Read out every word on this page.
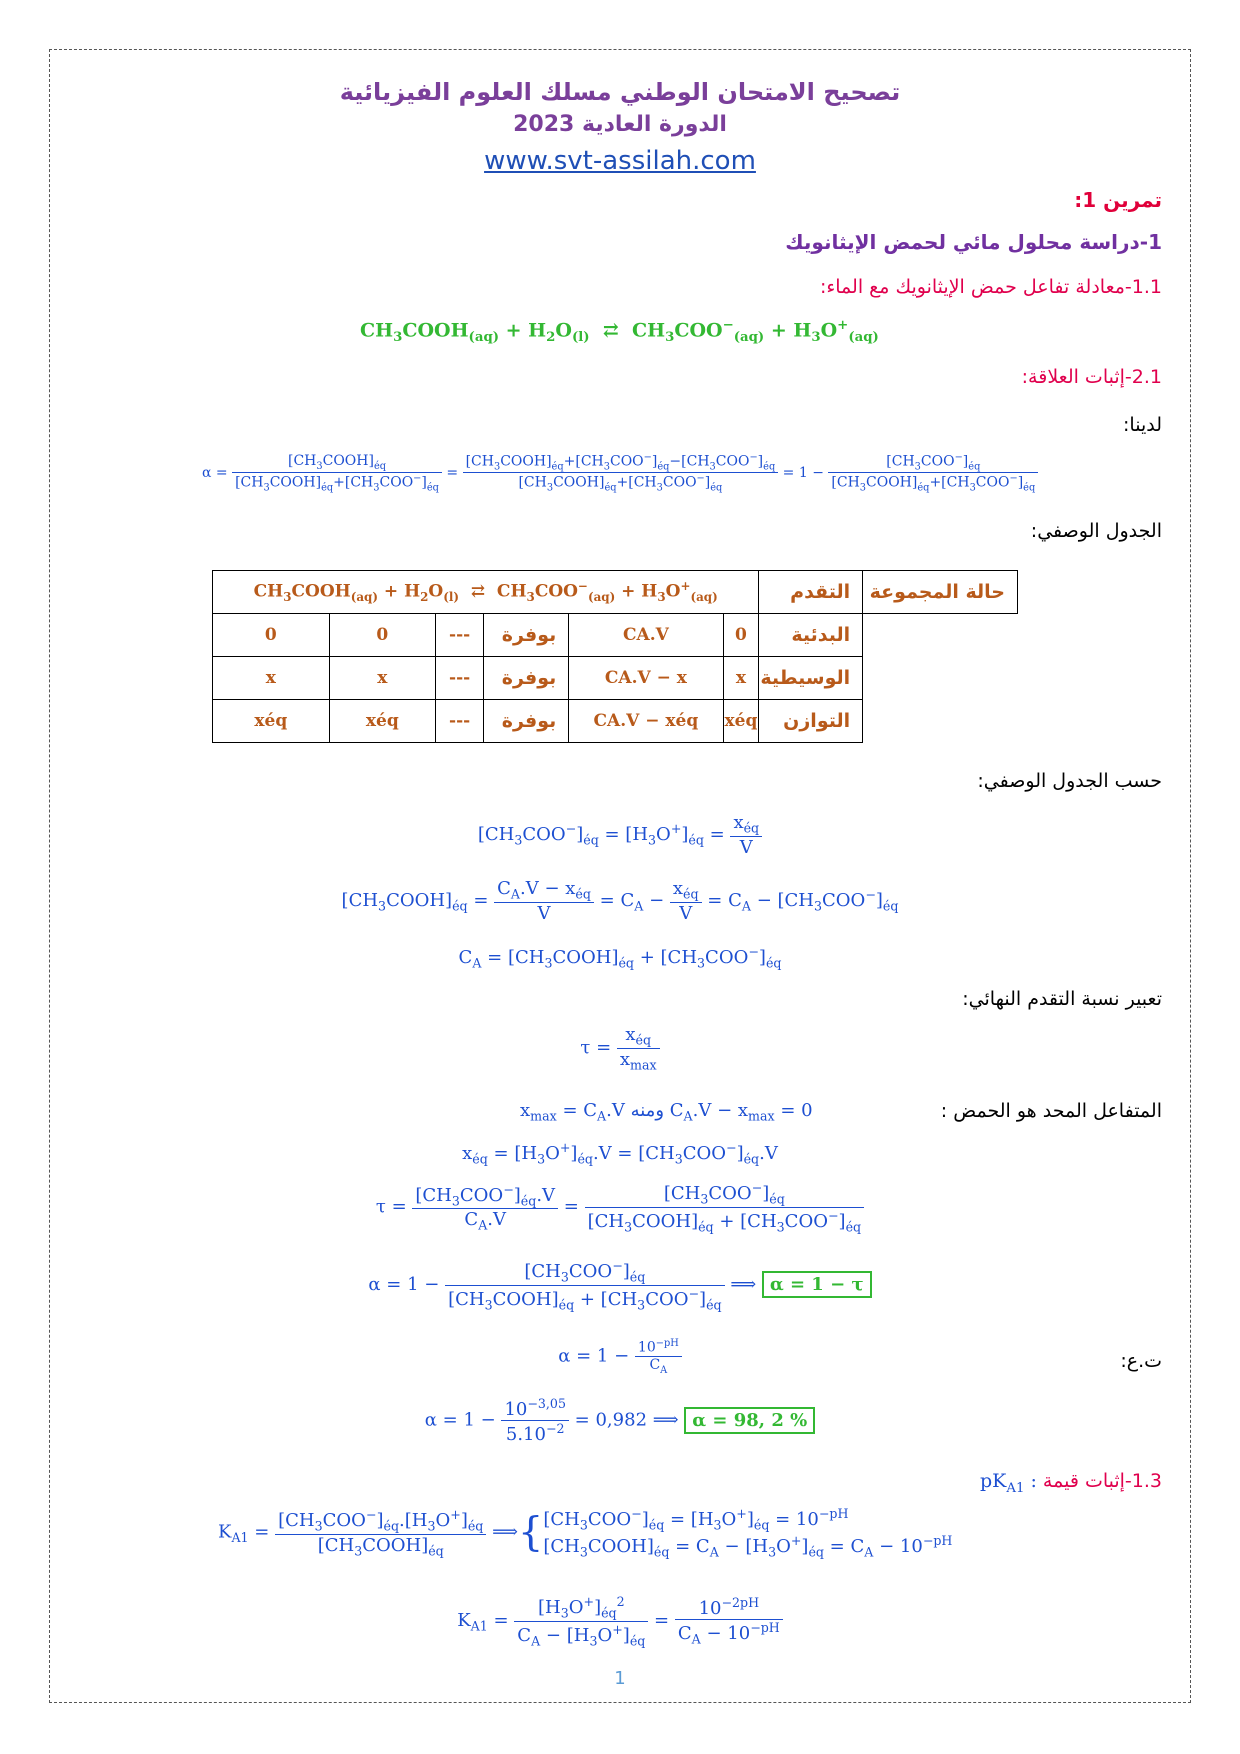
تصحيح الامتحان الوطني مسلك العلوم الفيزيائية
الدورة العادية 2023
www.svt-assilah.com
تمرين 1:
1-دراسة محلول مائي لحمض الإيثانويك
1.1-معادلة تفاعل حمض الإيثانويك مع الماء:
$CH_3COOH_{(aq)} + H_2O_{(l)}$  ⇄  $CH_3COO^-_{(aq)} + H_3O^+_{(aq)}$
2.1-إثبات العلاقة:
لدينا:
$\alpha = \frac{[CH_3COOH]_{éq}}{[CH_3COOH]_{éq}+[CH_3COO^-]_{éq}} = \frac{[CH_3COOH]_{éq}+[CH_3COO^-]_{éq}-[CH_3COO^-]_{éq}}{[CH_3COOH]_{éq}+[CH_3COO^-]_{éq}} = 1 - \frac{[CH_3COO^-]_{éq}}{[CH_3COOH]_{éq}+[CH_3COO^-]_{éq}}$
الجدول الوصفي:
$CH_3COOH_{(aq)} + H_2O_{(l)}$  ⇄  $CH_3COO^-_{(aq)} + H_3O^+_{(aq)}$						التقدم	حالة المجموعة
0	0	---	بوفرة	CA.V	0	البدئية	
x	x	---	بوفرة	CA.V − x	x	الوسيطية	
xéq	xéq	---	بوفرة	CA.V − xéq	xéq	التوازن	
حسب الجدول الوصفي:
$[CH_3COO^-]_{éq} = [H_3O^+]_{éq} = \frac{x_{éq}}{V}$
$[CH_3COOH]_{éq} = \frac{C_A.V - x_{éq}}{V} = C_A - \frac{x_{éq}}{V} = C_A - [CH_3COO^-]_{éq}$
$C_A$ = $[CH_3COOH]_{éq} + [CH_3COO^-]_{éq}$
تعبير نسبة التقدم النهائي:
$\tau = \frac{x_{éq}}{x_{max}}$
المتفاعل المحد هو الحمض :
$x_{max} = C_A.V$ ومنه $C_A.V - x_{max} = 0$
$x_{éq} = [H_3O^+]_{éq}.V = [CH_3COO^-]_{éq}.V$
$\tau = \frac{[CH_3COO^-]_{éq}.V}{C_A.V} = \frac{[CH_3COO^-]_{éq}}{[CH_3COOH]_{éq} + [CH_3COO^-]_{éq}}$
$\alpha = 1 - \frac{[CH_3COO^-]_{éq}}{[CH_3COOH]_{éq} + [CH_3COO^-]_{éq}}$ ⟹ α = 1 − τ
ت.ع:
$\alpha = 1 - \frac{10^{-pH}}{C_A}$
$\alpha = 1 - \frac{10^{-3,05}}{5.10^{-2}} = 0,982$ ⟹ α = 98, 2 %
1.3-إثبات قيمة $pK_{A1}$ :
$K_{A1} = \frac{[CH_3COO^-]_{éq}.[H_3O^+]_{éq}}{[CH_3COOH]_{éq}}$ $⟹\{[CH_3COO^-]_{éq} = [H_3O^+]_{éq} = 10^{-pH}$
$[CH_3COOH]_{éq} = C_A - [H_3O^+]_{éq} = C_A - 10^{-pH}$
$K_{A1} = \frac{[H_3O^+]_{éq}^2}{C_A - [H_3O^+]_{éq}} = \frac{10^{-2pH}}{C_A - 10^{-pH}}$
1
